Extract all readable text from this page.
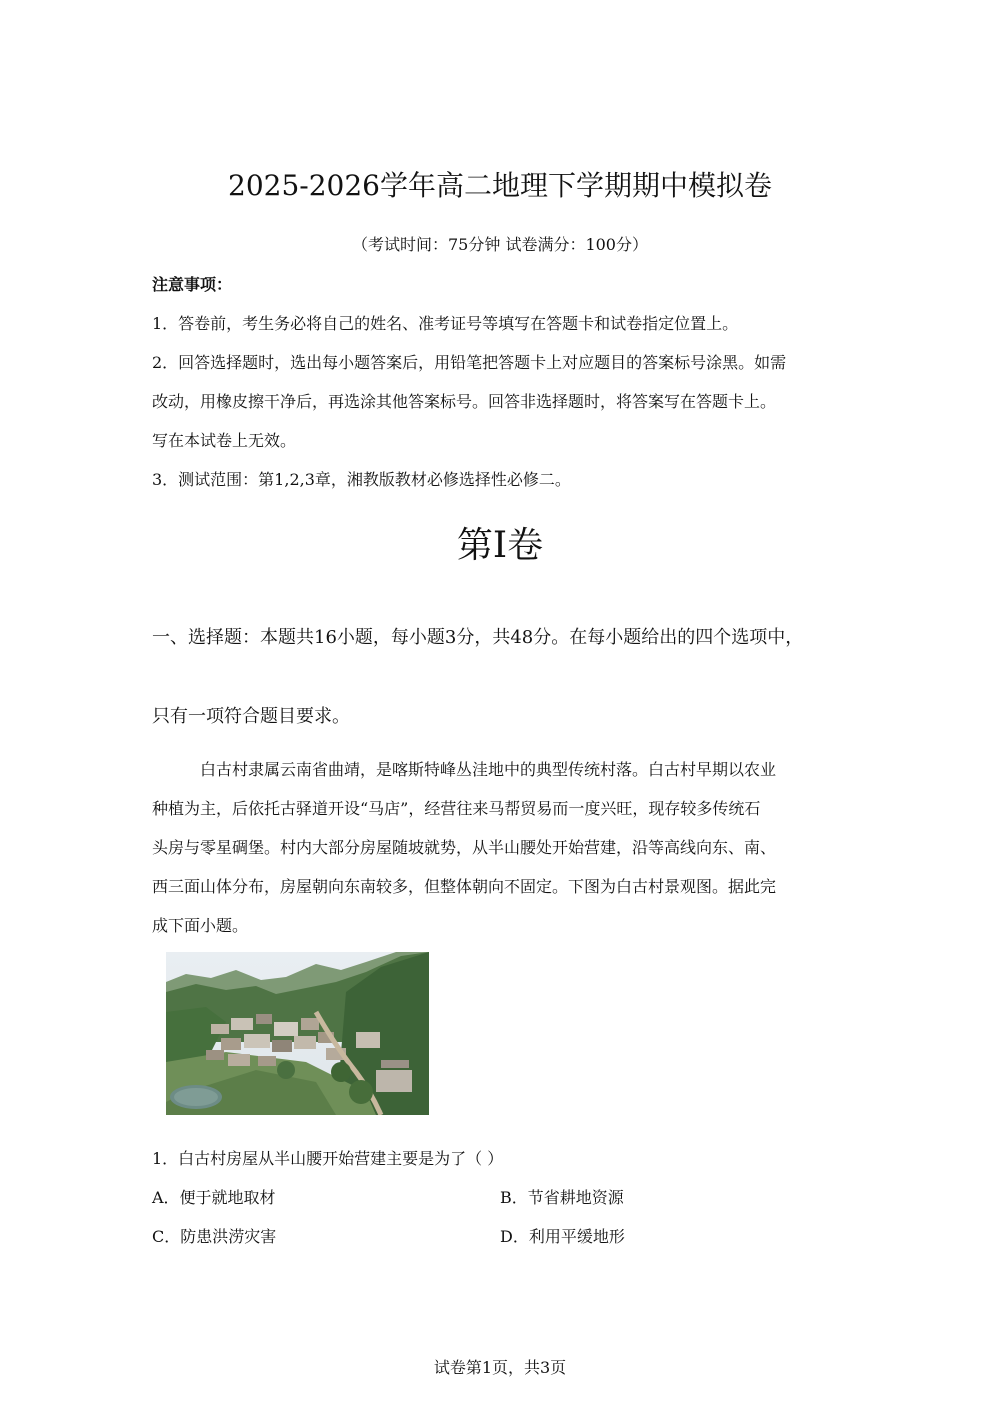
2025-2026学年高二地理下学期期中模拟卷
（考试时间：75分钟 试卷满分：100分）
注意事项：
1．答卷前，考生务必将自己的姓名、准考证号等填写在答题卡和试卷指定位置上。
2．回答选择题时，选出每小题答案后，用铅笔把答题卡上对应题目的答案标号涂黑。如需
改动，用橡皮擦干净后，再选涂其他答案标号。回答非选择题时，将答案写在答题卡上。
写在本试卷上无效。
3．测试范围：第1,2,3章，湘教版教材必修选择性必修二。
第Ⅰ卷
一、选择题：本题共16小题，每小题3分，共48分。在每小题给出的四个选项中，
只有一项符合题目要求。
白古村隶属云南省曲靖，是喀斯特峰丛洼地中的典型传统村落。白古村早期以农业
种植为主，后依托古驿道开设“马店”，经营往来马帮贸易而一度兴旺，现存较多传统石
头房与零星碉堡。村内大部分房屋随坡就势，从半山腰处开始营建，沿等高线向东、南、
西三面山体分布，房屋朝向东南较多，但整体朝向不固定。下图为白古村景观图。据此完
成下面小题。
1．白古村房屋从半山腰开始营建主要是为了（ ）
A．便于就地取材	B．节省耕地资源
C．防患洪涝灾害	D．利用平缓地形
试卷第1页，共3页
